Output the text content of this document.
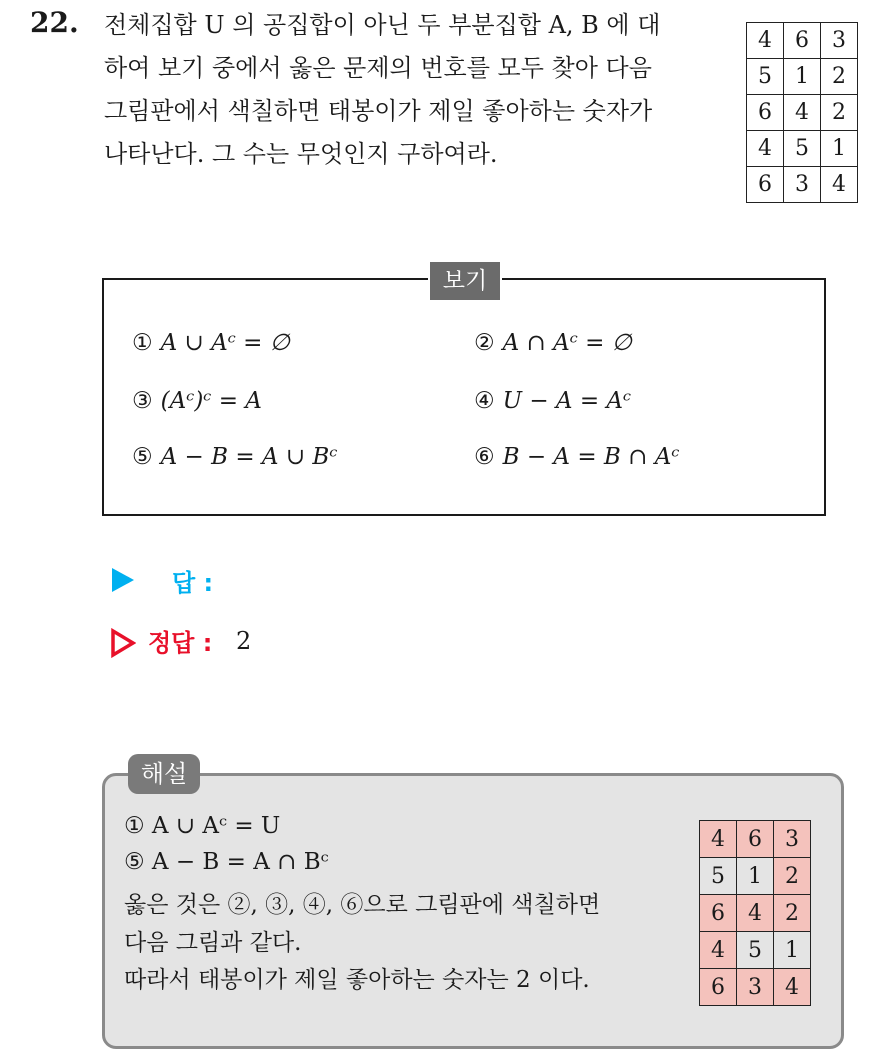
22. 전체집합 U 의 공집합이 아닌 두 부분집합 A, B 에 대
하여 보기 중에서 옳은 문제의 번호를 모두 찾아 다음
그림판에서 색칠하면 태봉이가 제일 좋아하는 숫자가
나타난다. 그 수는 무엇인지 구하여라.
4	6	3
5	1	2
6	4	2
4	5	1
6	3	4
보기
① A ∪ Aᶜ = ∅	② A ∩ Aᶜ = ∅
③ (Aᶜ)ᶜ = A	④ U − A = Aᶜ
⑤ A − B = A ∪ Bᶜ	⑥ B − A = B ∩ Aᶜ
답 :
정답 : 2
해설
① A ∪ Aᶜ = U
⑤ A − B = A ∩ Bᶜ
옳은 것은 ②, ③, ④, ⑥으로 그림판에 색칠하면
다음 그림과 같다.
따라서 태봉이가 제일 좋아하는 숫자는 2 이다.
4	6	3
5	1	2
6	4	2
4	5	1
6	3	4
